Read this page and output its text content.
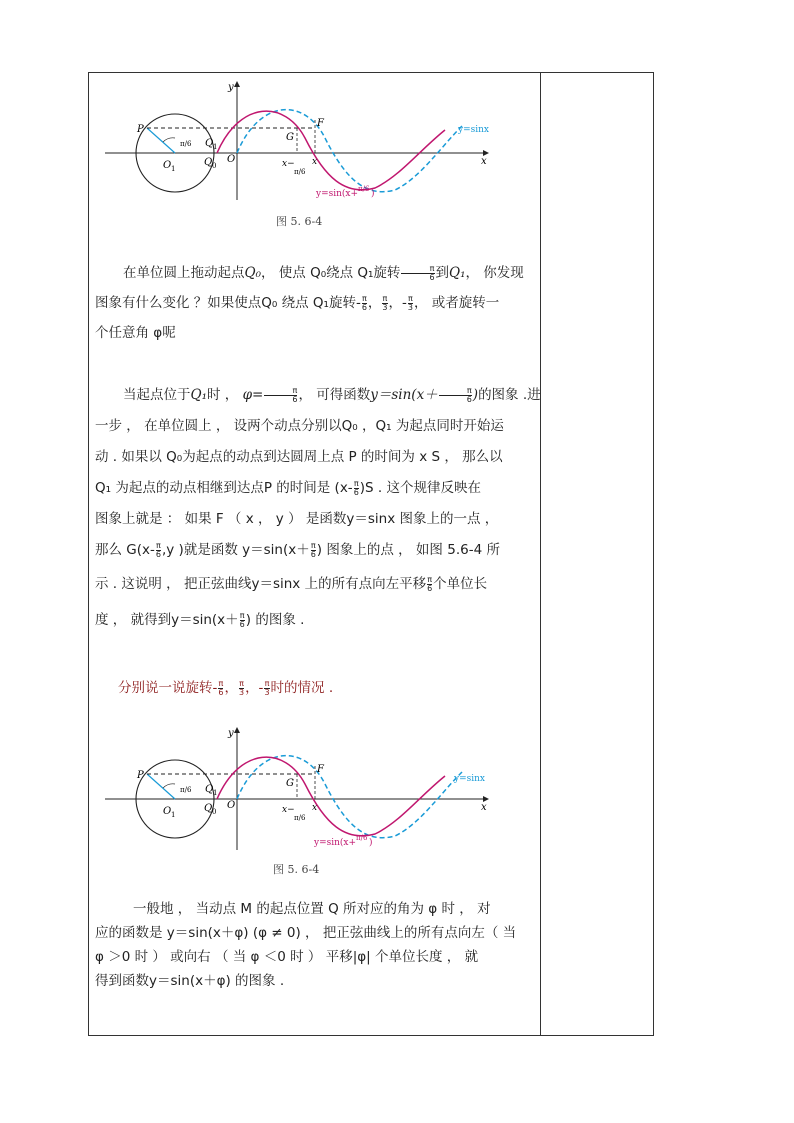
y
x
P
O 1
Q 1
Q 0
O
G
F
x− x
π/6
π/6
y=sinx
y=sin(x+ π/6 )
图 5. 6-4
在单位圆上拖动起点Q₀， 使点 Q₀绕点 Q₁旋转 $\frac{\pi}{6}$ 到Q₁， 你发现
图象有什么变化 ？如果使点Q₀ 绕点 Q₁旋转- $\frac{\pi}{6}$ ， $\frac{\pi}{3}$ ，- $\frac{\pi}{3}$ ， 或者旋转一
个任意角 φ呢
当起点位于Q₁时 ， $\varphi= \frac{\pi}{6}$ ， 可得函数$y=\sin(x+ \frac{\pi}{6}$ )的图象 .进
一步 ， 在单位圆上 ， 设两个动点分别以Q₀ ，Q₁ 为起点同时开始运
动 . 如果以 Q₀为起点的动点到达圆周上点 P 的时间为 x S ， 那么以
Q₁ 为起点的动点相继到达点P 的时间是 $(x- \frac{\pi}{6} )S$ . 这个规律反映在
图象上就是 ： 如果 F （ x ， y ） 是函数y＝sinx 图象上的一点 ，
那么 $G(x- \frac{\pi}{6} ,y$ )就是函数 $y=\sin(x+ \frac{\pi}{6}$ ) 图象上的点 ， 如图 5.6-4 所
示 . 这说明 ， 把正弦曲线y＝sinx 上的所有点向左平移 $\frac{\pi}{6}$ 个单位长
度 ， 就得到$y=\sin(x+ \frac{\pi}{6}$ ) 的图象 .
分别说一说旋转- $\frac{\pi}{6}$ ， $\frac{\pi}{3}$ ，- $\frac{\pi}{3}$ 时的情况 .
y
x
P
O 1
Q 1
Q 0
O
G
F
x− x
π/6
π/6
y=sinx
y=sin(x+ π/6 )
图 5. 6-4
一般地 ， 当动点 M 的起点位置 Q 所对应的角为 φ 时 ， 对
应的函数是 y＝sin(x＋φ) (φ ≠ 0) ， 把正弦曲线上的所有点向左（ 当
φ ＞0 时 ） 或向右 （ 当 φ ＜0 时 ） 平移|φ| 个单位长度 ， 就
得到函数y＝sin(x＋φ) 的图象 .
